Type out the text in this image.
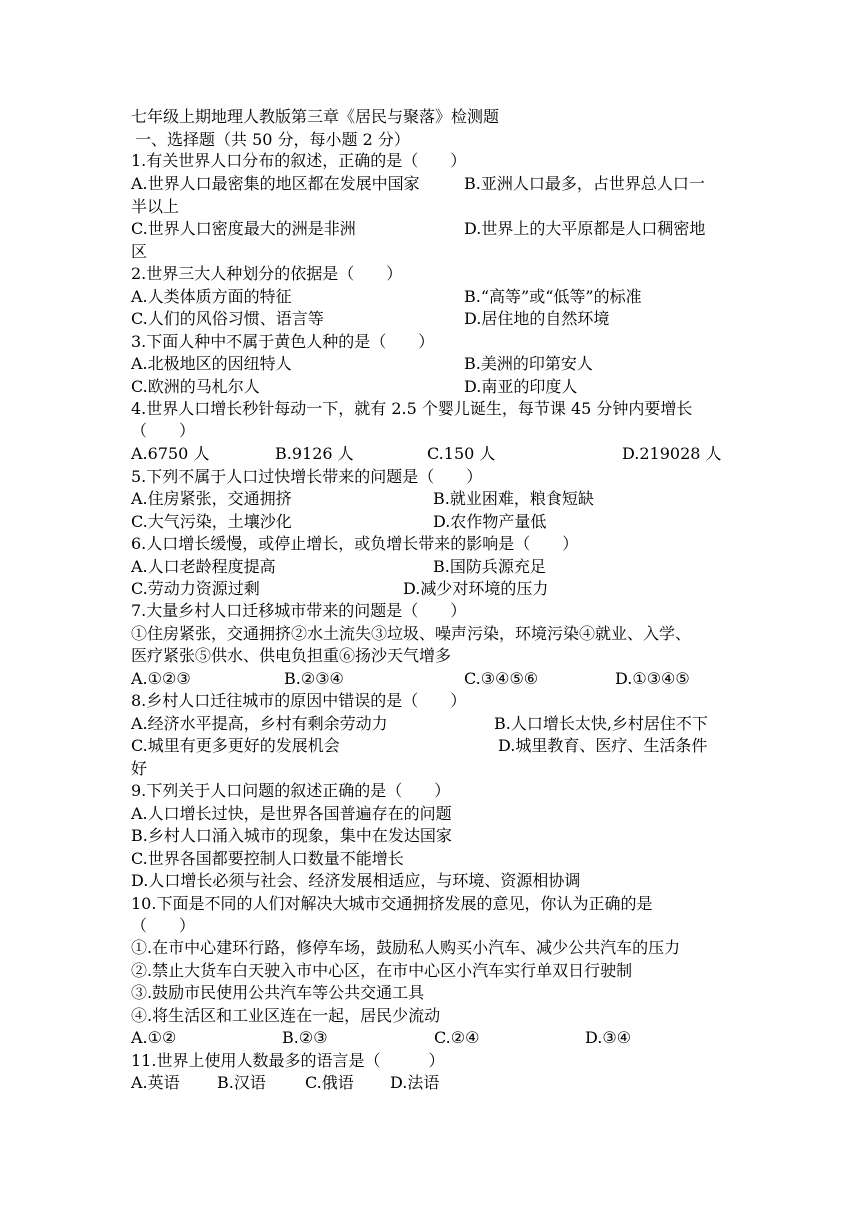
七年级上期地理人教版第三章《居民与聚落》检测题
一、选择题（共 50 分，每小题 2 分）
1.有关世界人口分布的叙述，正确的是（　　）
A.世界人口最密集的地区都在发展中国家	B.亚洲人口最多，占世界总人口一
半以上
C.世界人口密度最大的洲是非洲	D.世界上的大平原都是人口稠密地
区
2.世界三大人种划分的依据是（　　）
A.人类体质方面的特征	B.“高等”或“低等”的标准
C.人们的风俗习惯、语言等	D.居住地的自然环境
3.下面人种中不属于黄色人种的是（　　）
A.北极地区的因纽特人	B.美洲的印第安人
C.欧洲的马札尔人	D.南亚的印度人
4.世界人口增长秒针每动一下，就有 2.5 个婴儿诞生，每节课 45 分钟内要增长
（　　）
A.6750 人	B.9126 人	C.150 人	D.219028 人
5.下列不属于人口过快增长带来的问题是（　　）
A.住房紧张，交通拥挤	B.就业困难，粮食短缺
C.大气污染，土壤沙化	D.农作物产量低
6.人口增长缓慢，或停止增长，或负增长带来的影响是（　　）
A.人口老龄程度提高	B.国防兵源充足
C.劳动力资源过剩	D.减少对环境的压力
7.大量乡村人口迁移城市带来的问题是（　　）
①住房紧张，交通拥挤②水土流失③垃圾、噪声污染，环境污染④就业、入学、
医疗紧张⑤供水、供电负担重⑥扬沙天气增多
A.①②③	B.②③④	C.③④⑤⑥	D.①③④⑤
8.乡村人口迁往城市的原因中错误的是（　　）
A.经济水平提高，乡村有剩余劳动力	B.人口增长太快,乡村居住不下
C.城里有更多更好的发展机会	D.城里教育、医疗、生活条件
好
9.下列关于人口问题的叙述正确的是（　　）
A.人口增长过快，是世界各国普遍存在的问题
B.乡村人口涌入城市的现象，集中在发达国家
C.世界各国都要控制人口数量不能增长
D.人口增长必须与社会、经济发展相适应，与环境、资源相协调
10.下面是不同的人们对解决大城市交通拥挤发展的意见，你认为正确的是
（　　）
①.在市中心建环行路，修停车场，鼓励私人购买小汽车、减少公共汽车的压力
②.禁止大货车白天驶入市中心区，在市中心区小汽车实行单双日行驶制
③.鼓励市民使用公共汽车等公共交通工具
④.将生活区和工业区连在一起，居民少流动
A.①②	B.②③	C.②④	D.③④
11.世界上使用人数最多的语言是（　　　）
A.英语 B.汉语 C.俄语 D.法语
